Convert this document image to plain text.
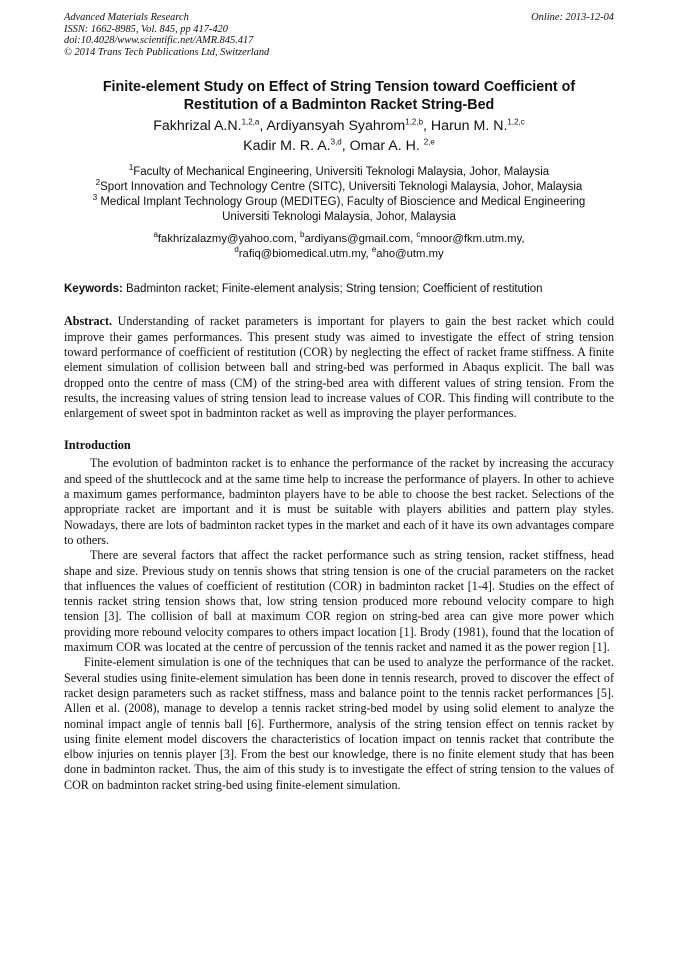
Advanced Materials Research
ISSN: 1662-8985, Vol. 845, pp 417-420
doi:10.4028/www.scientific.net/AMR.845.417
© 2014 Trans Tech Publications Ltd, Switzerland
Online: 2013-12-04
Finite-element Study on Effect of String Tension toward Coefficient of
Restitution of a Badminton Racket String-Bed
Fakhrizal A.N.$^{1,2,a}$, Ardiyansyah Syahrom$^{1,2,b}$, Harun M. N.$^{1,2,c}$
Kadir M. R. A.$^{3,d}$, Omar A. H. $^{2,e}$
$^1$Faculty of Mechanical Engineering, Universiti Teknologi Malaysia, Johor, Malaysia
$^2$Sport Innovation and Technology Centre (SITC), Universiti Teknologi Malaysia, Johor, Malaysia
$^3$ Medical Implant Technology Group (MEDITEG), Faculty of Bioscience and Medical Engineering
Universiti Teknologi Malaysia, Johor, Malaysia
$^a$fakhrizalazmy@yahoo.com, $^b$ardiyans@gmail.com, $^c$mnoor@fkm.utm.my,
$^d$rafiq@biomedical.utm.my, $^e$aho@utm.my
Keywords: Badminton racket; Finite-element analysis; String tension; Coefficient of restitution
Abstract. Understanding of racket parameters is important for players to gain the best racket which could improve their games performances. This present study was aimed to investigate the effect of string tension toward performance of coefficient of restitution (COR) by neglecting the effect of racket frame stiffness. A finite element simulation of collision between ball and string-bed was performed in Abaqus explicit. The ball was dropped onto the centre of mass (CM) of the string-bed area with different values of string tension. From the results, the increasing values of string tension lead to increase values of COR. This finding will contribute to the enlargement of sweet spot in badminton racket as well as improving the player performances.
Introduction

The evolution of badminton racket is to enhance the performance of the racket by increasing the accuracy and speed of the shuttlecock and at the same time help to increase the performance of players. In other to achieve a maximum games performance, badminton players have to be able to choose the best racket. Selections of the appropriate racket are important and it is must be suitable with players abilities and pattern play styles. Nowadays, there are lots of badminton racket types in the market and each of it have its own advantages compare to others.

There are several factors that affect the racket performance such as string tension, racket stiffness, head shape and size. Previous study on tennis shows that string tension is one of the crucial parameters on the racket that influences the values of coefficient of restitution (COR) in badminton racket [1-4]. Studies on the effect of tennis racket string tension shows that, low string tension produced more rebound velocity compare to high tension [3]. The collision of ball at maximum COR region on string-bed area can give more power which providing more rebound velocity compares to others impact location [1]. Brody (1981), found that the location of maximum COR was located at the centre of percussion of the tennis racket and named it as the power region [1].

Finite-element simulation is one of the techniques that can be used to analyze the performance of the racket. Several studies using finite-element simulation has been done in tennis research, proved to discover the effect of racket design parameters such as racket stiffness, mass and balance point to the tennis racket performances [5]. Allen et al. (2008), manage to develop a tennis racket string-bed model by using solid element to analyze the nominal impact angle of tennis ball [6]. Furthermore, analysis of the string tension effect on tennis racket by using finite element model discovers the characteristics of location impact on tennis racket that contribute the elbow injuries on tennis player [3]. From the best our knowledge, there is no finite element study that has been done in badminton racket. Thus, the aim of this study is to investigate the effect of string tension to the values of COR on badminton racket string-bed using finite-element simulation.
